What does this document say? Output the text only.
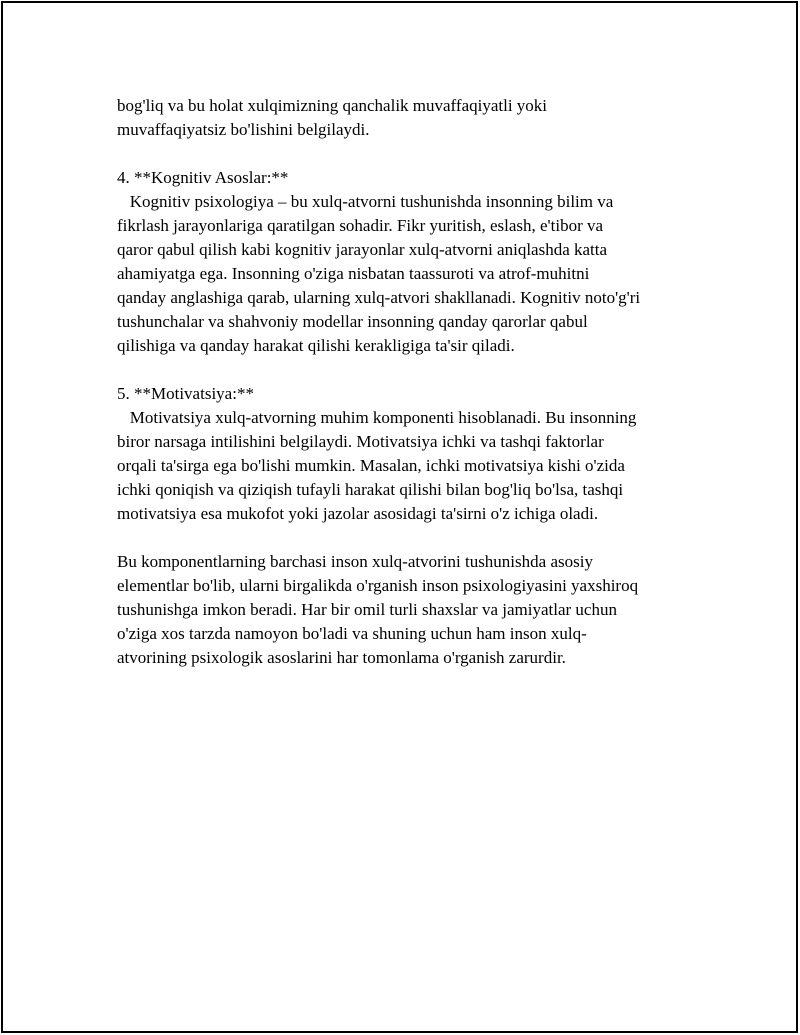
bog'liq va bu holat xulqimizning qanchalik muvaffaqiyatli yoki
muvaffaqiyatsiz bo'lishini belgilaydi.
4. **Kognitiv Asoslar:**
Kognitiv psixologiya – bu xulq-atvorni tushunishda insonning bilim va
fikrlash jarayonlariga qaratilgan sohadir. Fikr yuritish, eslash, e'tibor va
qaror qabul qilish kabi kognitiv jarayonlar xulq-atvorni aniqlashda katta
ahamiyatga ega. Insonning o'ziga nisbatan taassuroti va atrof-muhitni
qanday anglashiga qarab, ularning xulq-atvori shakllanadi. Kognitiv noto'g'ri
tushunchalar va shahvoniy modellar insonning qanday qarorlar qabul
qilishiga va qanday harakat qilishi kerakligiga ta'sir qiladi.
5. **Motivatsiya:**
Motivatsiya xulq-atvorning muhim komponenti hisoblanadi. Bu insonning
biror narsaga intilishini belgilaydi. Motivatsiya ichki va tashqi faktorlar
orqali ta'sirga ega bo'lishi mumkin. Masalan, ichki motivatsiya kishi o'zida
ichki qoniqish va qiziqish tufayli harakat qilishi bilan bog'liq bo'lsa, tashqi
motivatsiya esa mukofot yoki jazolar asosidagi ta'sirni o'z ichiga oladi.
Bu komponentlarning barchasi inson xulq-atvorini tushunishda asosiy
elementlar bo'lib, ularni birgalikda o'rganish inson psixologiyasini yaxshiroq
tushunishga imkon beradi. Har bir omil turli shaxslar va jamiyatlar uchun
o'ziga xos tarzda namoyon bo'ladi va shuning uchun ham inson xulq-
atvorining psixologik asoslarini har tomonlama o'rganish zarurdir.
